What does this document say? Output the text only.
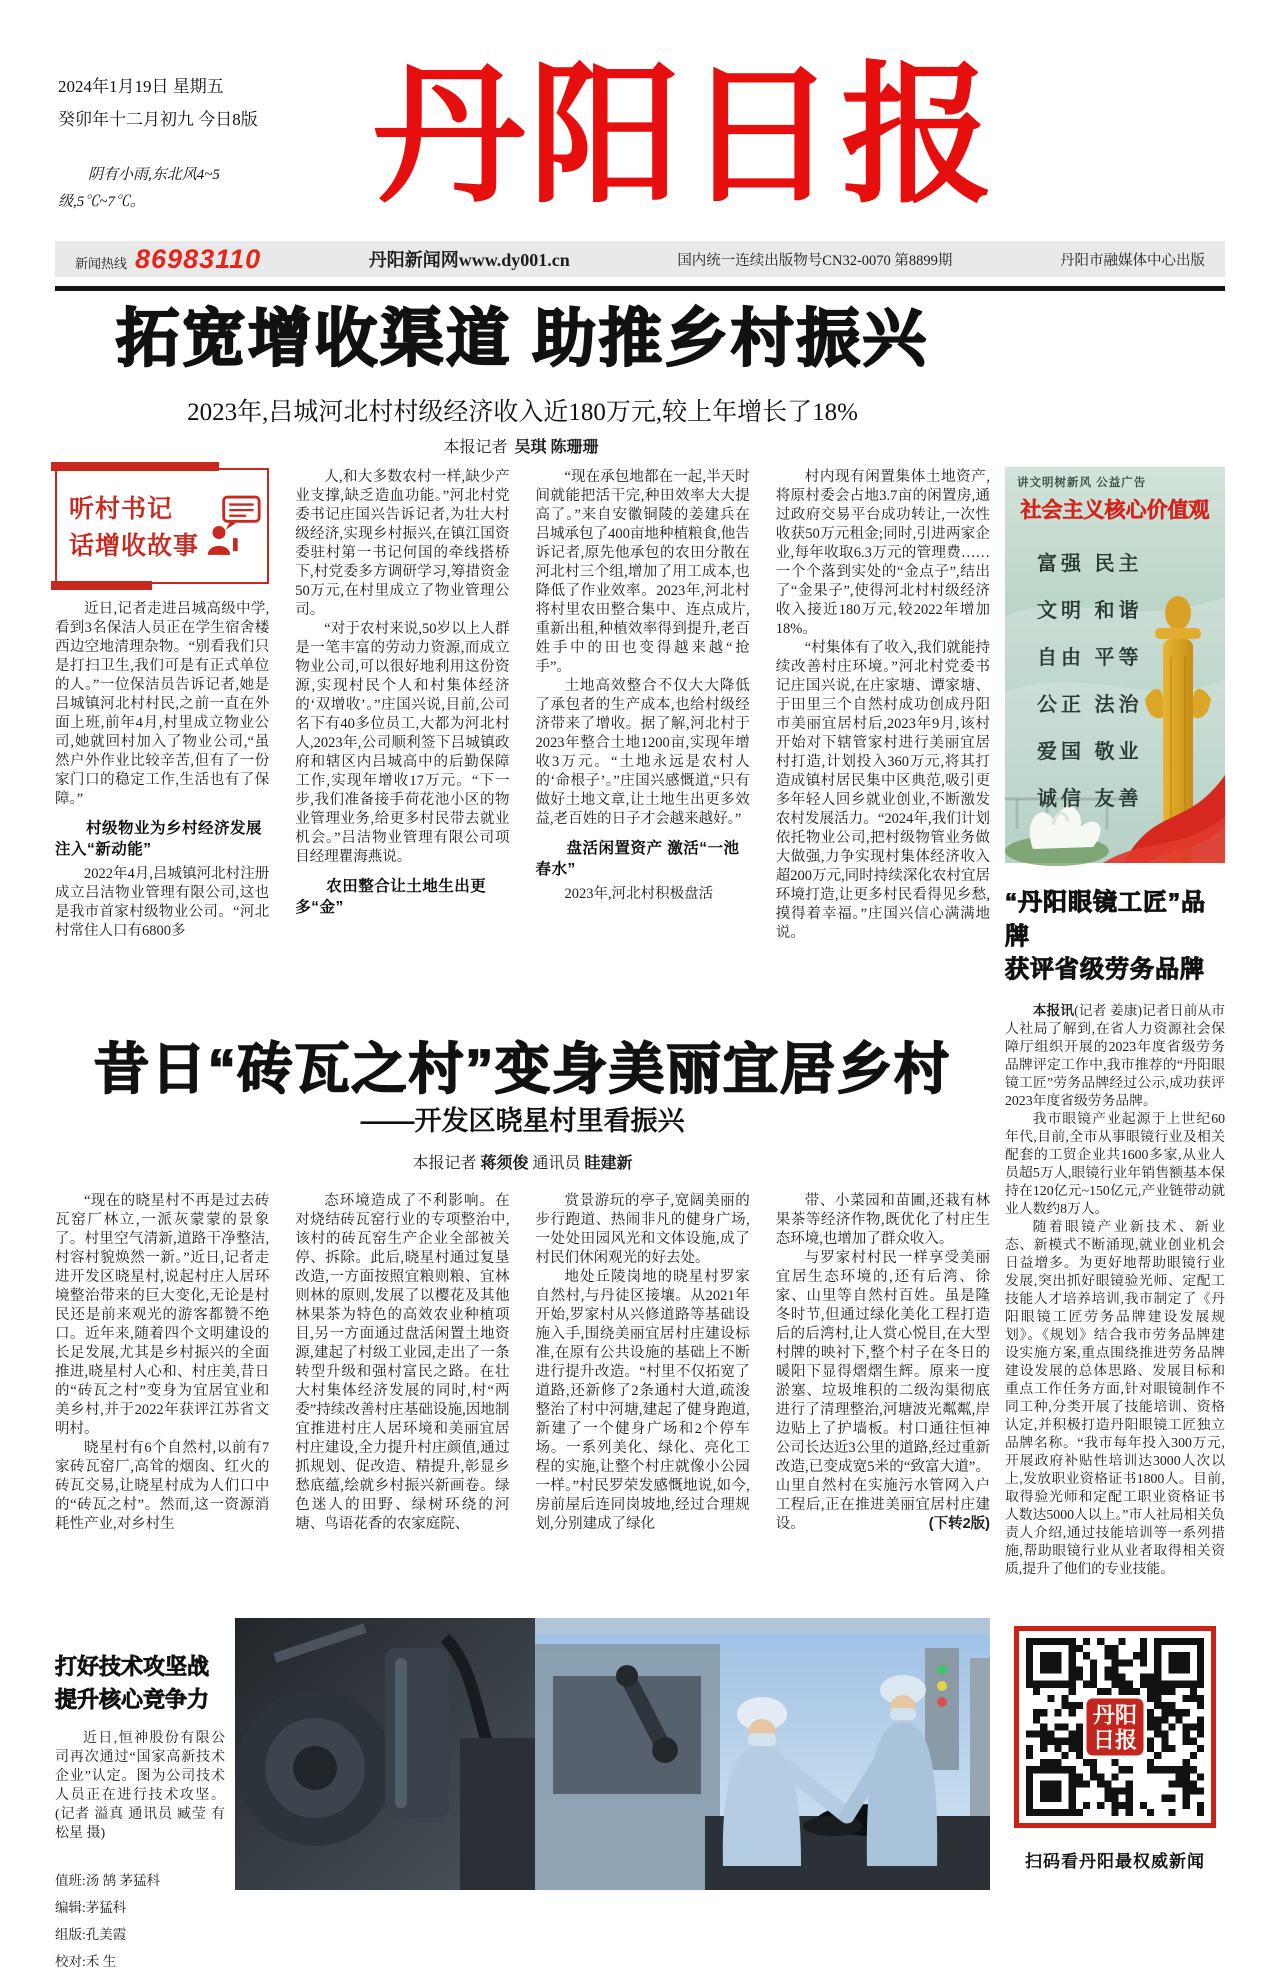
2024年1月19日 星期五
癸卯年十二月初九 今日8版
阴有小雨,东北风4~5级,5℃~7℃。	丹阳日报
新闻热线 86983110	丹阳新闻网www.dy001.cn	国内统一连续出版物号CN32-0070 第8899期	丹阳市融媒体中心出版
拓宽增收渠道 助推乡村振兴
2023年,吕城河北村村级经济收入近180万元,较上年增长了18%
本报记者 吴琪 陈珊珊
听村书记
话增收故事

近日,记者走进吕城高级中学,看到3名保洁人员正在学生宿舍楼西边空地清理杂物。“别看我们只是打扫卫生,我们可是有正式单位的人。”一位保洁员告诉记者,她是吕城镇河北村村民,之前一直在外面上班,前年4月,村里成立物业公司,她就回村加入了物业公司,“虽然户外作业比较辛苦,但有了一份家门口的稳定工作,生活也有了保障。”

村级物业为乡村经济发展注入“新动能”

2022年4月,吕城镇河北村注册成立吕洁物业管理有限公司,这也是我市首家村级物业公司。“河北村常住人口有6800多

人,和大多数农村一样,缺少产业支撑,缺乏造血功能。”河北村党委书记庄国兴告诉记者,为壮大村级经济,实现乡村振兴,在镇江国资委驻村第一书记何国的牵线搭桥下,村党委多方调研学习,筹措资金50万元,在村里成立了物业管理公司。

“对于农村来说,50岁以上人群是一笔丰富的劳动力资源,而成立物业公司,可以很好地利用这份资源,实现村民个人和村集体经济的‘双增收’。”庄国兴说,目前,公司名下有40多位员工,大都为河北村人,2023年,公司顺利签下吕城镇政府和辖区内吕城高中的后勤保障工作,实现年增收17万元。“下一步,我们准备接手荷花池小区的物业管理业务,给更多村民带去就业机会。”吕洁物业管理有限公司项目经理瞿海燕说。

农田整合让土地生出更多“金”

“现在承包地都在一起,半天时间就能把活干完,种田效率大大提高了。”来自安徽铜陵的姜建兵在吕城承包了400亩地种植粮食,他告诉记者,原先他承包的农田分散在河北村三个组,增加了用工成本,也降低了作业效率。2023年,河北村将村里农田整合集中、连点成片,重新出租,种植效率得到提升,老百姓手中的田也变得越来越“抢手”。

土地高效整合不仅大大降低了承包者的生产成本,也给村级经济带来了增收。据了解,河北村于2023年整合土地1200亩,实现年增收3万元。“土地永远是农村人的‘命根子’。”庄国兴感慨道,“只有做好土地文章,让土地生出更多效益,老百姓的日子才会越来越好。”

盘活闲置资产 激活“一池春水”

2023年,河北村积极盘活

村内现有闲置集体土地资产,将原村委会占地3.7亩的闲置房,通过政府交易平台成功转让,一次性收获50万元租金;同时,引进两家企业,每年收取6.3万元的管理费……一个个落到实处的“金点子”,结出了“金果子”,使得河北村村级经济收入接近180万元,较2022年增加18%。

“村集体有了收入,我们就能持续改善村庄环境。”河北村党委书记庄国兴说,在庄家塘、谭家塘、于田里三个自然村成功创成丹阳市美丽宜居村后,2023年9月,该村开始对下辖管家村进行美丽宜居村打造,计划投入360万元,将其打造成镇村居民集中区典范,吸引更多年轻人回乡就业创业,不断激发农村发展活力。“2024年,我们计划依托物业公司,把村级物管业务做大做强,力争实现村集体经济收入超200万元,同时持续深化农村宜居环境打造,让更多村民看得见乡愁,摸得着幸福。”庄国兴信心满满地说。

讲文明树新风 公益广告
社会主义核心价值观
富强 民主
文明 和谐
自由 平等
公正 法治
爱国 敬业
诚信 友善
“丹阳眼镜工匠”品牌
获评省级劳务品牌

本报讯(记者 姜康)记者日前从市人社局了解到,在省人力资源社会保障厅组织开展的2023年度省级劳务品牌评定工作中,我市推荐的“丹阳眼镜工匠”劳务品牌经过公示,成功获评2023年度省级劳务品牌。

我市眼镜产业起源于上世纪60年代,目前,全市从事眼镜行业及相关配套的工贸企业共1600多家,从业人员超5万人,眼镜行业年销售额基本保持在120亿元~150亿元,产业链带动就业人数约8万人。

随着眼镜产业新技术、新业态、新模式不断涌现,就业创业机会日益增多。为更好地帮助眼镜行业发展,突出抓好眼镜验光师、定配工技能人才培养培训,我市制定了《丹阳眼镜工匠劳务品牌建设发展规划》。《规划》结合我市劳务品牌建设实施方案,重点围绕推进劳务品牌建设发展的总体思路、发展目标和重点工作任务方面,针对眼镜制作不同工种,分类开展了技能培训、资格认定,并积极打造丹阳眼镜工匠独立品牌名称。“我市每年投入300万元,开展政府补贴性培训达3000人次以上,发放职业资格证书1800人。目前,取得验光师和定配工职业资格证书人数达5000人以上。”市人社局相关负责人介绍,通过技能培训等一系列措施,帮助眼镜行业从业者取得相关资质,提升了他们的专业技能。

昔日“砖瓦之村”变身美丽宜居乡村
——开发区晓星村里看振兴
本报记者 蒋须俊 通讯员 眭建新

“现在的晓星村不再是过去砖瓦窑厂林立,一派灰蒙蒙的景象了。村里空气清新,道路干净整洁,村容村貌焕然一新。”近日,记者走进开发区晓星村,说起村庄人居环境整治带来的巨大变化,无论是村民还是前来观光的游客都赞不绝口。近年来,随着四个文明建设的长足发展,尤其是乡村振兴的全面推进,晓星村人心和、村庄美,昔日的“砖瓦之村”变身为宜居宜业和美乡村,并于2022年获评江苏省文明村。

晓星村有6个自然村,以前有7家砖瓦窑厂,高耸的烟囱、红火的砖瓦交易,让晓星村成为人们口中的“砖瓦之村”。然而,这一资源消耗性产业,对乡村生

态环境造成了不利影响。在对烧结砖瓦窑行业的专项整治中,该村的砖瓦窑生产企业全部被关停、拆除。此后,晓星村通过复垦改造,一方面按照宜粮则粮、宜林则林的原则,发展了以樱花及其他林果茶为特色的高效农业种植项目,另一方面通过盘活闲置土地资源,建起了村级工业园,走出了一条转型升级和强村富民之路。在壮大村集体经济发展的同时,村“两委”持续改善村庄基础设施,因地制宜推进村庄人居环境和美丽宜居村庄建设,全力提升村庄颜值,通过抓规划、促改造、精提升,彰显乡愁底蕴,绘就乡村振兴新画卷。绿色迷人的田野、绿树环绕的河塘、鸟语花香的农家庭院、

赏景游玩的亭子,宽阔美丽的步行跑道、热闹非凡的健身广场,一处处田园风光和文体设施,成了村民们休闲观光的好去处。

地处丘陵岗地的晓星村罗家自然村,与丹徒区接壤。从2021年开始,罗家村从兴修道路等基础设施入手,围绕美丽宜居村庄建设标准,在原有公共设施的基础上不断进行提升改造。“村里不仅拓宽了道路,还新修了2条通村大道,疏浚整治了村中河塘,建起了健身跑道,新建了一个健身广场和2个停车场。一系列美化、绿化、亮化工程的实施,让整个村庄就像小公园一样。”村民罗荣发感慨地说,如今,房前屋后连同岗坡地,经过合理规划,分别建成了绿化

带、小菜园和苗圃,还栽有林果茶等经济作物,既优化了村庄生态环境,也增加了群众收入。

与罗家村村民一样享受美丽宜居生态环境的,还有后湾、徐家、山里等自然村百姓。虽是隆冬时节,但通过绿化美化工程打造后的后湾村,让人赏心悦目,在大型村牌的映衬下,整个村子在冬日的暖阳下显得熠熠生辉。原来一度淤塞、垃圾堆积的二级沟渠彻底进行了清理整治,河塘波光粼粼,岸边贴上了护墙板。村口通往恒神公司长达近3公里的道路,经过重新改造,已变成宽5米的“致富大道”。山里自然村在实施污水管网入户工程后,正在推进美丽宜居村庄建设。	(下转2版)

打好技术攻坚战
提升核心竞争力

近日,恒神股份有限公司再次通过“国家高新技术企业”认定。图为公司技术人员正在进行技术攻坚。(记者 溢真 通讯员 臧莹 有松星 摄)

值班:汤 鹄 茅猛科
编辑:茅猛科
组版:孔美霞
校对:禾 生
丹阳
日报
扫码看丹阳最权威新闻
